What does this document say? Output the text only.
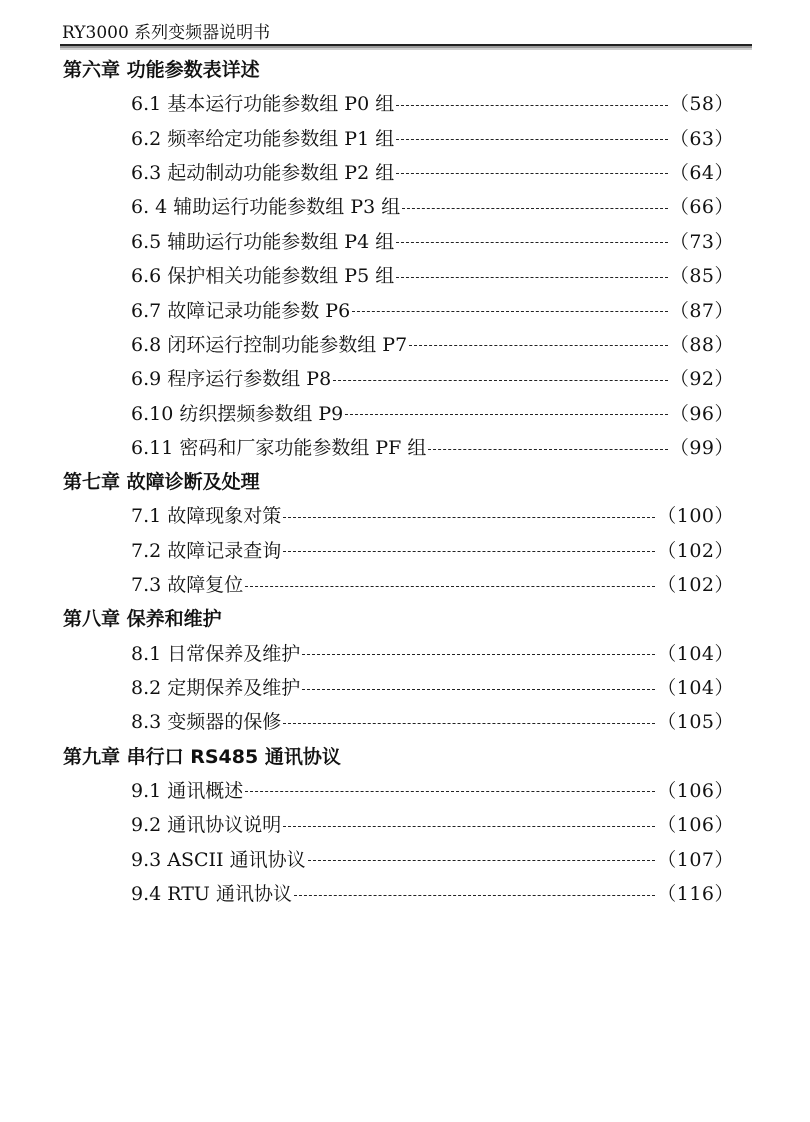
RY3000 系列变频器说明书
第六章 功能参数表详述
6.1 基本运行功能参数组 P0 组	（58）
6.2 频率给定功能参数组 P1 组	（63）
6.3 起动制动功能参数组 P2 组	（64）
6. 4 辅助运行功能参数组 P3 组	（66）
6.5 辅助运行功能参数组 P4 组	（73）
6.6 保护相关功能参数组 P5 组	（85）
6.7 故障记录功能参数 P6	（87）
6.8 闭环运行控制功能参数组 P7	（88）
6.9 程序运行参数组 P8	（92）
6.10 纺织摆频参数组 P9	（96）
6.11 密码和厂家功能参数组 PF 组	（99）
第七章 故障诊断及处理
7.1 故障现象对策	（100）
7.2 故障记录查询	（102）
7.3 故障复位	（102）
第八章 保养和维护
8.1 日常保养及维护	（104）
8.2 定期保养及维护	（104）
8.3 变频器的保修	（105）
第九章 串行口 RS485 通讯协议
9.1 通讯概述	（106）
9.2 通讯协议说明	（106）
9.3 ASCII 通讯协议	（107）
9.4 RTU 通讯协议	（116）
